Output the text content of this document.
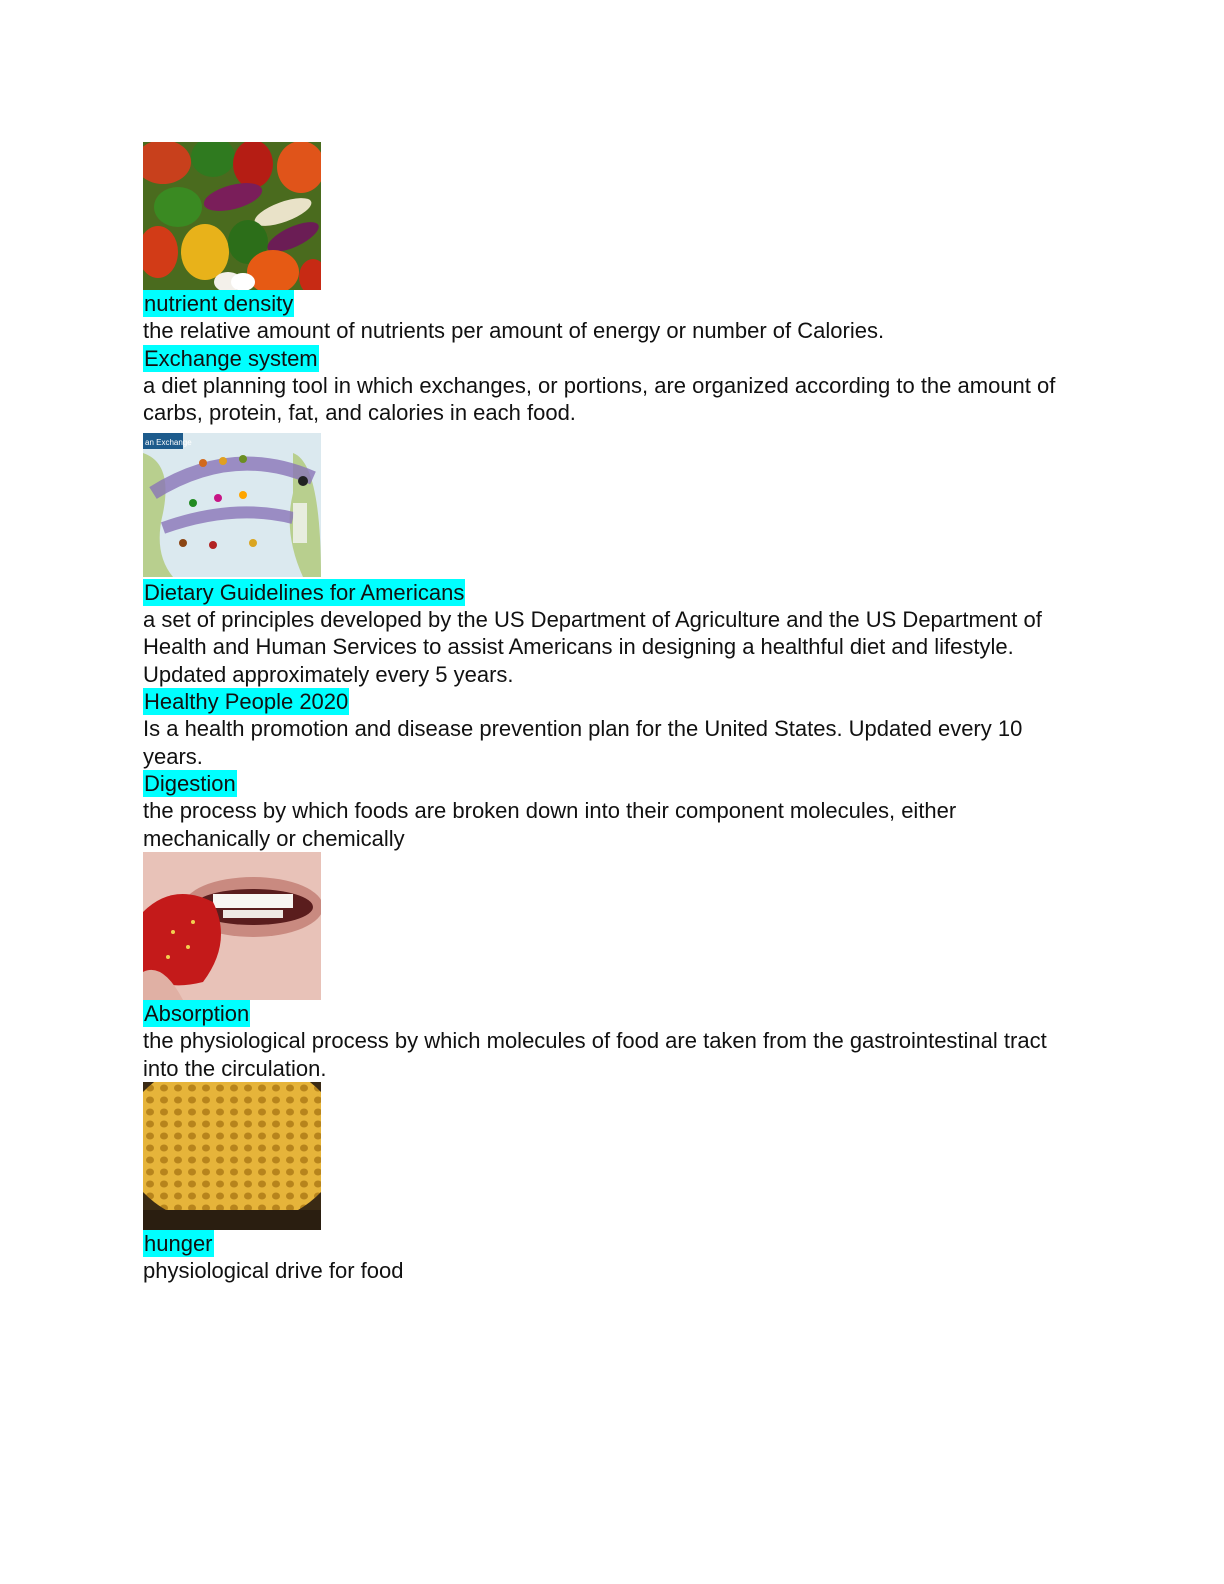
nutrient density

the relative amount of nutrients per amount of energy or number of Calories.

Exchange system

a diet planning tool in which exchanges, or portions, are organized according to the amount of carbs, protein, fat, and calories in each food.

an Exchange
Dietary Guidelines for Americans

a set of principles developed by the US Department of Agriculture and the US Department of Health and Human Services to assist Americans in designing a healthful diet and lifestyle. Updated approximately every 5 years.

Healthy People 2020

Is a health promotion and disease prevention plan for the United States. Updated every 10 years.

Digestion

the process by which foods are broken down into their component molecules, either mechanically or chemically

Absorption

the physiological process by which molecules of food are taken from the gastrointestinal tract into the circulation.

hunger

physiological drive for food
